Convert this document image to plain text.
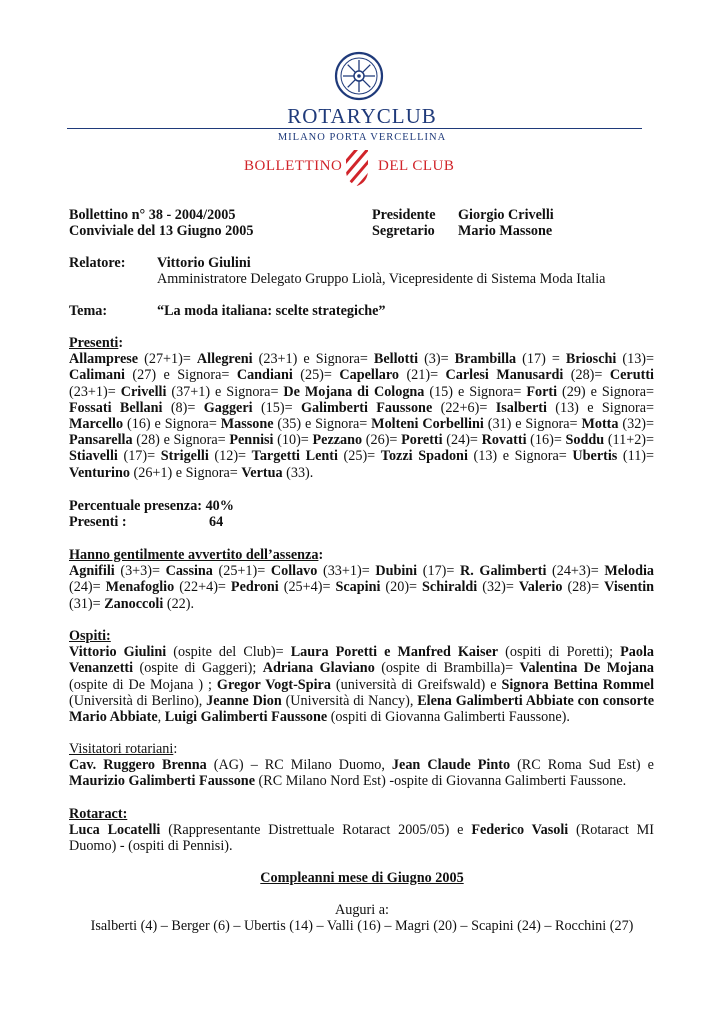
ROTARYCLUB
MILANO PORTA VERCELLINA
BOLLETTINO DEL CLUB
Bollettino n° 38 - 2004/2005
Conviviale del 13 Giugno 2005
Presidente Giorgio Crivelli
Segretario Mario Massone
Relatore: Vittorio Giulini
Amministratore Delegato Gruppo Liolà, Vicepresidente di Sistema Moda Italia
Tema:	“La moda italiana: scelte strategiche”
Presenti:
Allamprese (27+1)= Allegreni (23+1) e Signora= Bellotti (3)= Brambilla (17) = Brioschi (13)= Calimani (27) e Signora= Candiani (25)= Capellaro (21)= Carlesi Manusardi (28)= Cerutti (23+1)= Crivelli (37+1) e Signora= De Mojana di Cologna (15) e Signora= Forti (29) e Signora= Fossati Bellani (8)= Gaggeri (15)= Galimberti Faussone (22+6)= Isalberti (13) e Signora= Marcello (16) e Signora= Massone (35) e Signora= Molteni Corbellini (31) e Signora= Motta (32)= Pansarella (28) e Signora= Pennisi (10)= Pezzano (26)= Poretti (24)= Rovatti (16)= Soddu (11+2)= Stiavelli (17)= Strigelli (12)= Targetti Lenti (25)= Tozzi Spadoni (13) e Signora= Ubertis (11)= Venturino (26+1) e Signora= Vertua (33).
Percentuale presenza: 40%
Presenti :	64
Hanno gentilmente avvertito dell’assenza:
Agnifili (3+3)= Cassina (25+1)= Collavo (33+1)= Dubini (17)= R. Galimberti (24+3)= Melodia (24)= Menafoglio (22+4)= Pedroni (25+4)= Scapini (20)= Schiraldi (32)= Valerio (28)= Visentin (31)= Zanoccoli (22).
Ospiti:
Vittorio Giulini (ospite del Club)= Laura Poretti e Manfred Kaiser (ospiti di Poretti); Paola Venanzetti (ospite di Gaggeri); Adriana Glaviano (ospite di Brambilla)= Valentina De Mojana (ospite di De Mojana ) ; Gregor Vogt-Spira (università di Greifswald) e Signora Bettina Rommel (Università di Berlino), Jeanne Dion (Università di Nancy), Elena Galimberti Abbiate con consorte Mario Abbiate, Luigi Galimberti Faussone (ospiti di Giovanna Galimberti Faussone).
Visitatori rotariani:
Cav. Ruggero Brenna (AG) – RC Milano Duomo, Jean Claude Pinto (RC Roma Sud Est) e Maurizio Galimberti Faussone (RC Milano Nord Est) -ospite di Giovanna Galimberti Faussone.
Rotaract:
Luca Locatelli (Rappresentante Distrettuale Rotaract 2005/05) e Federico Vasoli (Rotaract MI Duomo) - (ospiti di Pennisi).
Compleanni mese di Giugno 2005
Auguri a:
Isalberti (4) – Berger (6) – Ubertis (14) – Valli (16) – Magri (20) – Scapini (24) – Rocchini (27)
